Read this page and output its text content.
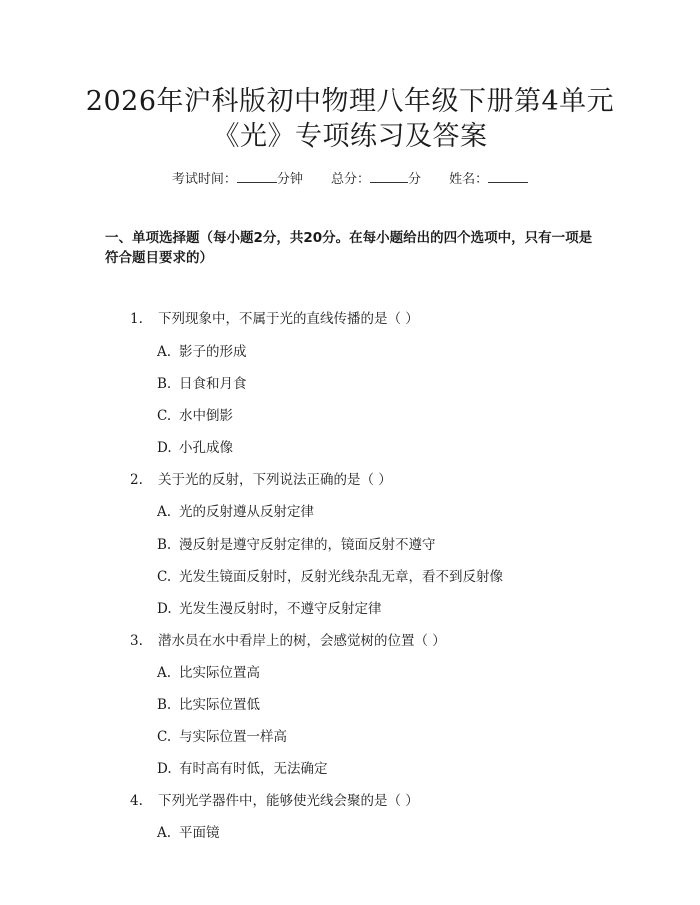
2026年沪科版初中物理八年级下册第4单元
《光》专项练习及答案
考试时间：	分钟 总分：	分 姓名：
一、单项选择题（每小题2分，共20分。在每小题给出的四个选项中，只有一项是符合题目要求的）
1. 下列现象中，不属于光的直线传播的是（ ）
A. 影子的形成
B. 日食和月食
C. 水中倒影
D. 小孔成像
2. 关于光的反射，下列说法正确的是（ ）
A. 光的反射遵从反射定律
B. 漫反射是遵守反射定律的，镜面反射不遵守
C. 光发生镜面反射时，反射光线杂乱无章，看不到反射像
D. 光发生漫反射时，不遵守反射定律
3. 潜水员在水中看岸上的树，会感觉树的位置（ ）
A. 比实际位置高
B. 比实际位置低
C. 与实际位置一样高
D. 有时高有时低，无法确定
4. 下列光学器件中，能够使光线会聚的是（ ）
A. 平面镜
